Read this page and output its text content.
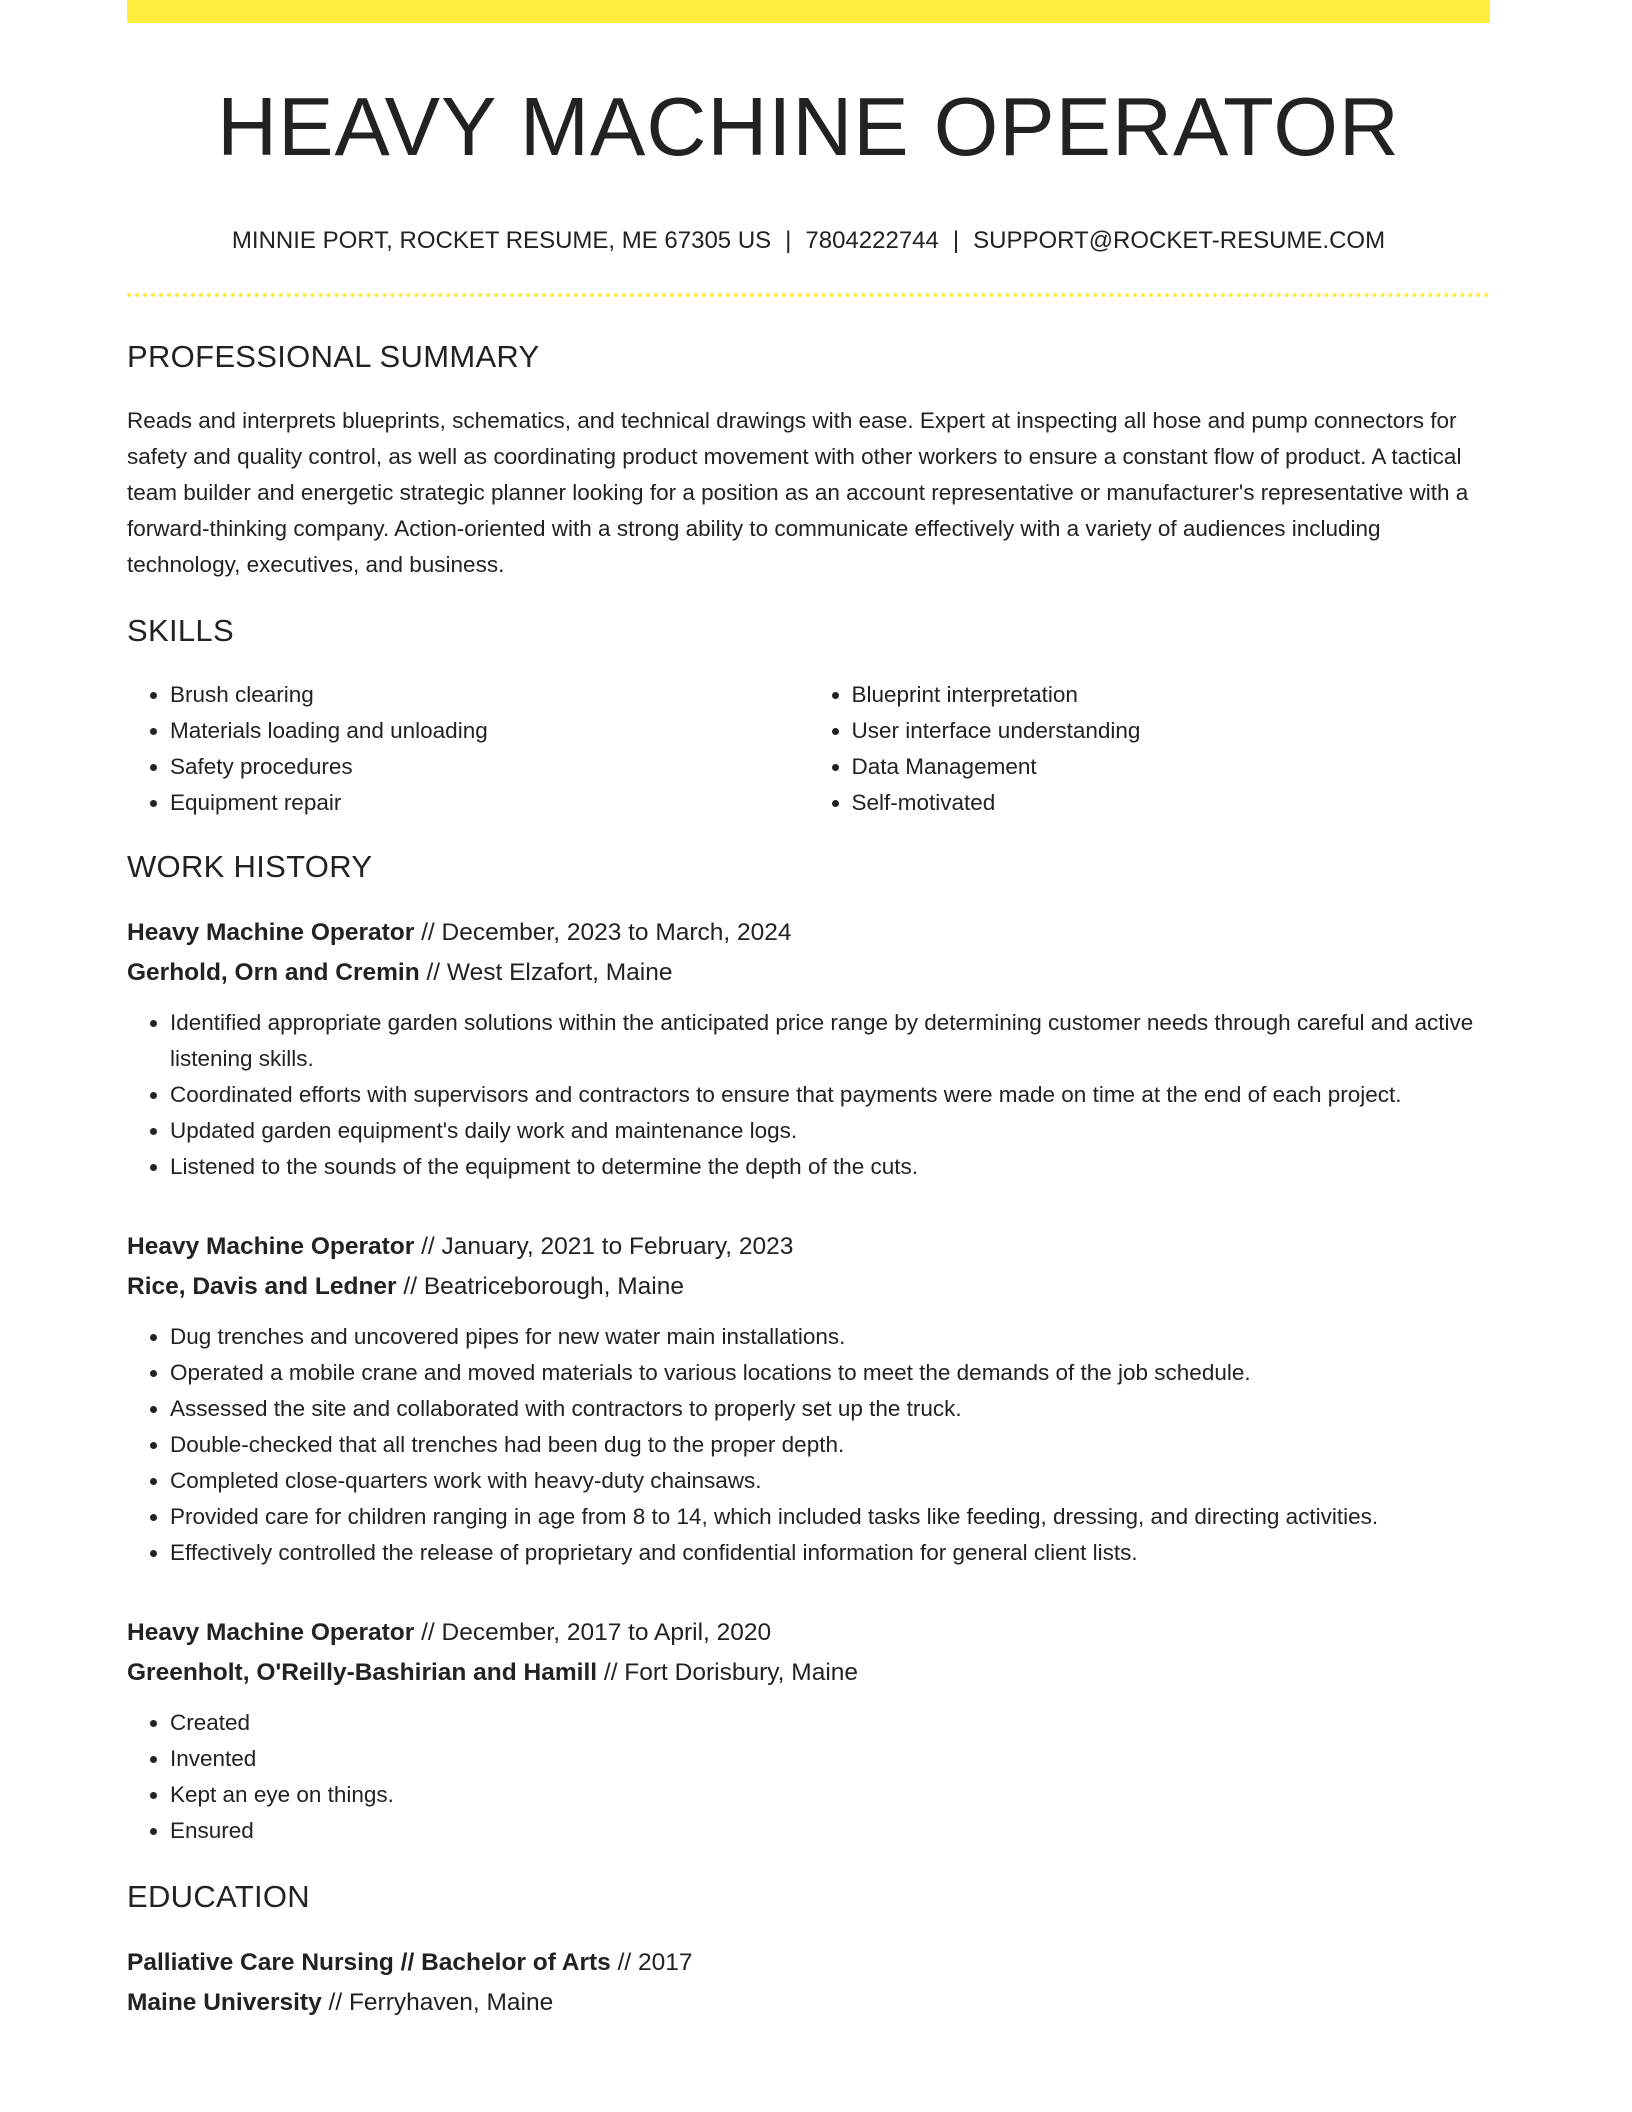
HEAVY MACHINE OPERATOR
MINNIE PORT, ROCKET RESUME, ME 67305 US | 7804222744 | SUPPORT@ROCKET-RESUME.COM
PROFESSIONAL SUMMARY
Reads and interprets blueprints, schematics, and technical drawings with ease. Expert at inspecting all hose and pump connectors for safety and quality control, as well as coordinating product movement with other workers to ensure a constant flow of product. A tactical team builder and energetic strategic planner looking for a position as an account representative or manufacturer's representative with a forward-thinking company. Action-oriented with a strong ability to communicate effectively with a variety of audiences including technology, executives, and business.
SKILLS
• Brush clearing
• Materials loading and unloading
• Safety procedures
• Equipment repair
• Blueprint interpretation
• User interface understanding
• Data Management
• Self-motivated
WORK HISTORY
Heavy Machine Operator // December, 2023 to March, 2024
Gerhold, Orn and Cremin // West Elzafort, Maine
• Identified appropriate garden solutions within the anticipated price range by determining customer needs through careful and active listening skills.
• Coordinated efforts with supervisors and contractors to ensure that payments were made on time at the end of each project.
• Updated garden equipment's daily work and maintenance logs.
• Listened to the sounds of the equipment to determine the depth of the cuts.
Heavy Machine Operator // January, 2021 to February, 2023
Rice, Davis and Ledner // Beatriceborough, Maine
• Dug trenches and uncovered pipes for new water main installations.
• Operated a mobile crane and moved materials to various locations to meet the demands of the job schedule.
• Assessed the site and collaborated with contractors to properly set up the truck.
• Double-checked that all trenches had been dug to the proper depth.
• Completed close-quarters work with heavy-duty chainsaws.
• Provided care for children ranging in age from 8 to 14, which included tasks like feeding, dressing, and directing activities.
• Effectively controlled the release of proprietary and confidential information for general client lists.
Heavy Machine Operator // December, 2017 to April, 2020
Greenholt, O'Reilly-Bashirian and Hamill // Fort Dorisbury, Maine
• Created
• Invented
• Kept an eye on things.
• Ensured
EDUCATION
Palliative Care Nursing // Bachelor of Arts // 2017
Maine University // Ferryhaven, Maine
